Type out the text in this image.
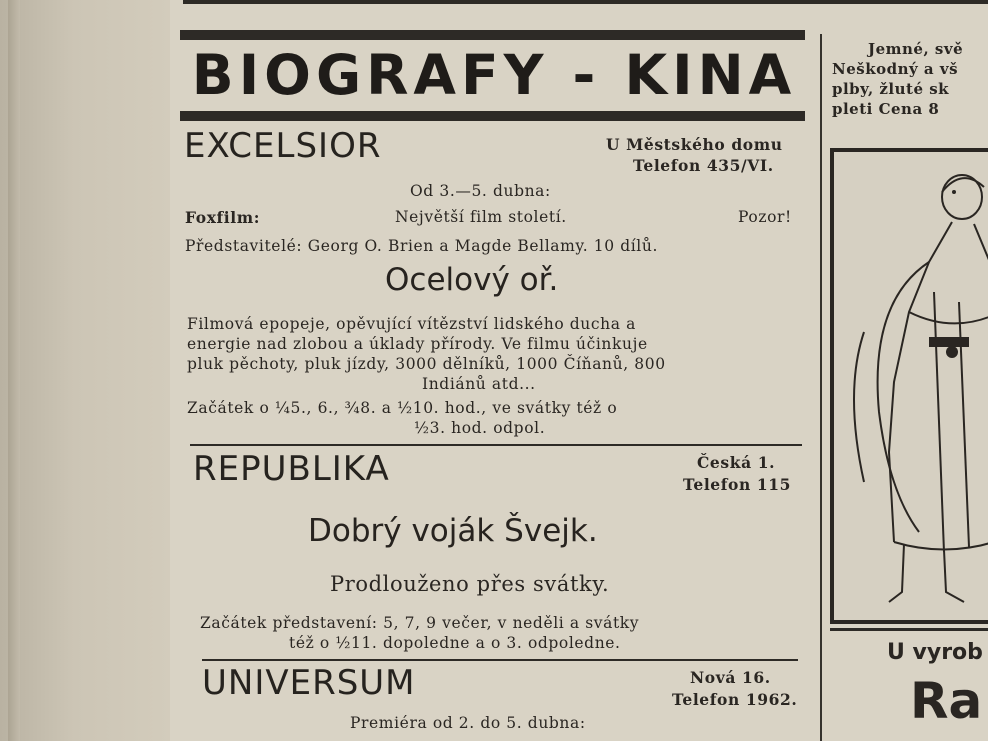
BIOGRAFY - KINA
EXCELSIOR	U Městského domu
Telefon 435/VI.
Od 3.—5. dubna:
Foxfilm:	Největší film století.	Pozor!
Představitelé: Georg O. Brien a Magde Bellamy. 10 dílů.
Ocelový oř.
Filmová epopeje, opěvující vítězství lidského ducha a
energie nad zlobou a úklady přírody. Ve filmu účinkuje
pluk pěchoty, pluk jízdy, 3000 dělníků, 1000 Číňanů, 800
Indiánů atd...
Začátek o ¼5., 6., ¾8. a ½10. hod., ve svátky též o
½3. hod. odpol.
REPUBLIKA	Česká 1.
Telefon 115
Dobrý voják Švejk.
Prodlouženo přes svátky.
Začátek představení: 5, 7, 9 večer, v neděli a svátky
též o ½11. dopoledne a o 3. odpoledne.
UNIVERSUM	Nová 16.
Telefon 1962.
Premiéra od 2. do 5. dubna:
Jemné, svě
Neškodný a vš
plby, žluté sk
pleti Cena 8
U vyrob
Ra
